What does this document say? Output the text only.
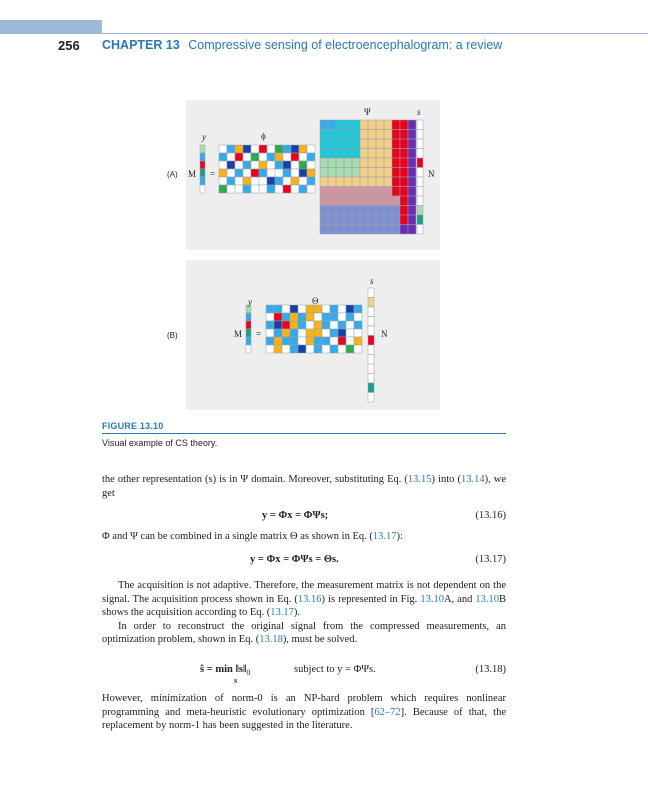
256 CHAPTER 13 Compressive sensing of electroencephalogram: a review
(A) M =
y	ϕ
Ψ	s
N
(B)	M =
y	Θ
s
N
FIGURE 13.10
Visual example of CS theory.

the other representation (s) is in Ψ domain. Moreover, substituting Eq. (13.15) into (13.14), we get

y = Φx = ΦΨs;	(13.16)

Φ and Ψ can be combined in a single matrix Θ as shown in Eq. (13.17):

y = Φx = ΦΨs = Θs.	(13.17)

The acquisition is not adaptive. Therefore, the measurement matrix is not dependent on the signal. The acquisition process shown in Eq. (13.16) is represented in Fig. 13.10A, and 13.10B shows the acquisition according to Eq. (13.17).

In order to reconstruct the original signal from the compressed measurements, an optimization problem, shown in Eq. (13.18), must be solved.

ŝ = $\min ‖s‖_0$
s
subject to y = ΦΨs.	(13.18)

However, minimization of norm-0 is an NP-hard problem which requires nonlinear programming and meta-heuristic evolutionary optimization [62–72]. Because of that, the replacement by norm-1 has been suggested in the literature.
